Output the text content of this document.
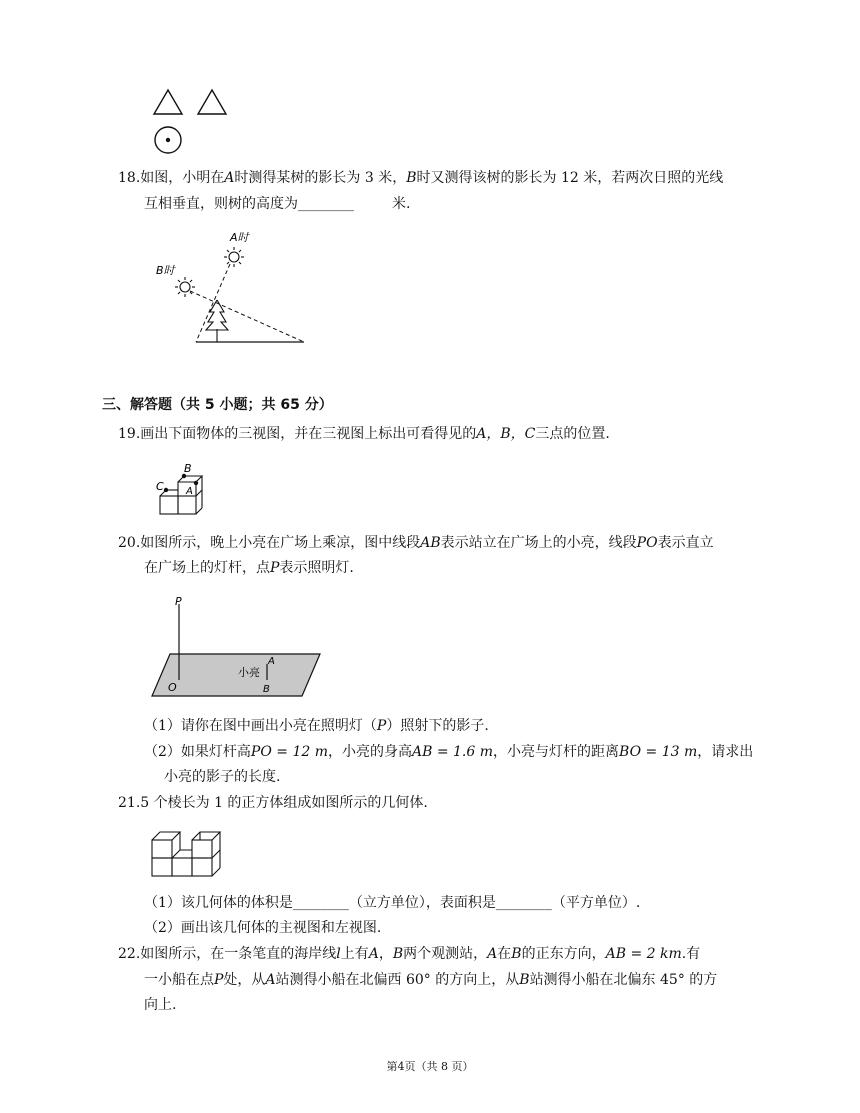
18.如图，小明在A时测得某树的影长为 3 米，B时又测得该树的影长为 12 米，若两次日照的光线
互相垂直，则树的高度为________	米.
A时
B时
三、解答题（共 5 小题；共 65 分）
19.画出下面物体的三视图，并在三视图上标出可看得见的A，B，C三点的位置.
B
C A
20.如图所示，晚上小亮在广场上乘凉，图中线段AB表示站立在广场上的小亮，线段PO表示直立
在广场上的灯杆，点P表示照明灯.
P
O
A
B
小亮
（1）请你在图中画出小亮在照明灯（P）照射下的影子.
（2）如果灯杆高PO = 12 m，小亮的身高AB = 1.6 m，小亮与灯杆的距离BO = 13 m，请求出
小亮的影子的长度.
21.5 个棱长为 1 的正方体组成如图所示的几何体.
（1）该几何体的体积是________（立方单位），表面积是________（平方单位）.
（2）画出该几何体的主视图和左视图.
22.如图所示，在一条笔直的海岸线l上有A，B两个观测站，A在B的正东方向，AB = 2 km.有
一小船在点P处，从A站测得小船在北偏西 60° 的方向上，从B站测得小船在北偏东 45° 的方
向上.
第4页（共 8 页）
